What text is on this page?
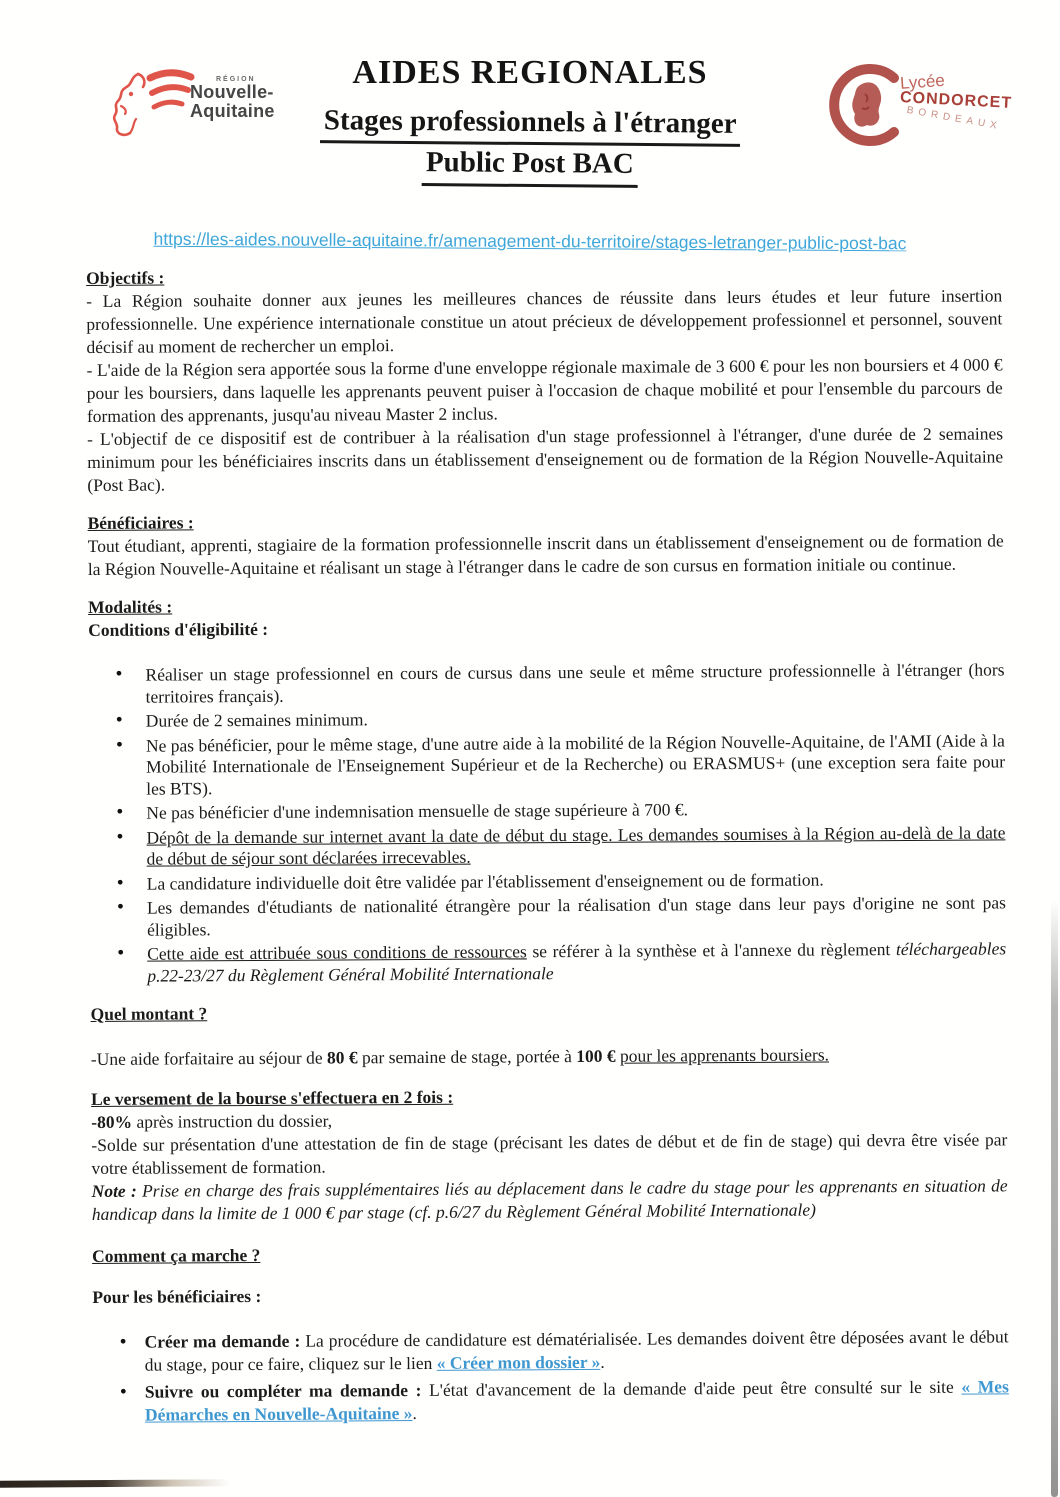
RÉGION
Nouvelle-
Aquitaine
Lycée
CONDORCET
BORDEAUX
AIDES REGIONALES
Stages professionnels à l'étranger
Public Post BAC
https://les-aides.nouvelle-aquitaine.fr/amenagement-du-territoire/stages-letranger-public-post-bac
Objectifs :

- La Région souhaite donner aux jeunes les meilleures chances de réussite dans leurs études et leur future insertion professionnelle. Une expérience internationale constitue un atout précieux de développement professionnel et personnel, souvent décisif au moment de rechercher un emploi.

- L'aide de la Région sera apportée sous la forme d'une enveloppe régionale maximale de 3 600 € pour les non boursiers et 4 000 € pour les boursiers, dans laquelle les apprenants peuvent puiser à l'occasion de chaque mobilité et pour l'ensemble du parcours de formation des apprenants, jusqu'au niveau Master 2 inclus.

- L'objectif de ce dispositif est de contribuer à la réalisation d'un stage professionnel à l'étranger, d'une durée de 2 semaines minimum pour les bénéficiaires inscrits dans un établissement d'enseignement ou de formation de la Région Nouvelle-Aquitaine (Post Bac).

Bénéficiaires :

Tout étudiant, apprenti, stagiaire de la formation professionnelle inscrit dans un établissement d'enseignement ou de formation de la Région Nouvelle-Aquitaine et réalisant un stage à l'étranger dans le cadre de son cursus en formation initiale ou continue.

Modalités :
Conditions d'éligibilité :
• Réaliser un stage professionnel en cours de cursus dans une seule et même structure professionnelle à l'étranger (hors territoires français).
• Durée de 2 semaines minimum.
• Ne pas bénéficier, pour le même stage, d'une autre aide à la mobilité de la Région Nouvelle-Aquitaine, de l'AMI (Aide à la Mobilité Internationale de l'Enseignement Supérieur et de la Recherche) ou ERASMUS+ (une exception sera faite pour les BTS).
• Ne pas bénéficier d'une indemnisation mensuelle de stage supérieure à 700 €.
• Dépôt de la demande sur internet avant la date de début du stage. Les demandes soumises à la Région au-delà de la date de début de séjour sont déclarées irrecevables.
• La candidature individuelle doit être validée par l'établissement d'enseignement ou de formation.
• Les demandes d'étudiants de nationalité étrangère pour la réalisation d'un stage dans leur pays d'origine ne sont pas éligibles.
• Cette aide est attribuée sous conditions de ressources se référer à la synthèse et à l'annexe du règlement téléchargeables p.22-23/27 du Règlement Général Mobilité Internationale
Quel montant ?

-Une aide forfaitaire au séjour de 80 € par semaine de stage, portée à 100 € pour les apprenants boursiers.

Le versement de la bourse s'effectuera en 2 fois :

-80% après instruction du dossier,

-Solde sur présentation d'une attestation de fin de stage (précisant les dates de début et de fin de stage) qui devra être visée par votre établissement de formation.

Note : Prise en charge des frais supplémentaires liés au déplacement dans le cadre du stage pour les apprenants en situation de handicap dans la limite de 1 000 € par stage (cf. p.6/27 du Règlement Général Mobilité Internationale)

Comment ça marche ?
Pour les bénéficiaires :
• Créer ma demande : La procédure de candidature est dématérialisée. Les demandes doivent être déposées avant le début du stage, pour ce faire, cliquez sur le lien « Créer mon dossier ».
• Suivre ou compléter ma demande : L'état d'avancement de la demande d'aide peut être consulté sur le site « Mes Démarches en Nouvelle-Aquitaine ».
